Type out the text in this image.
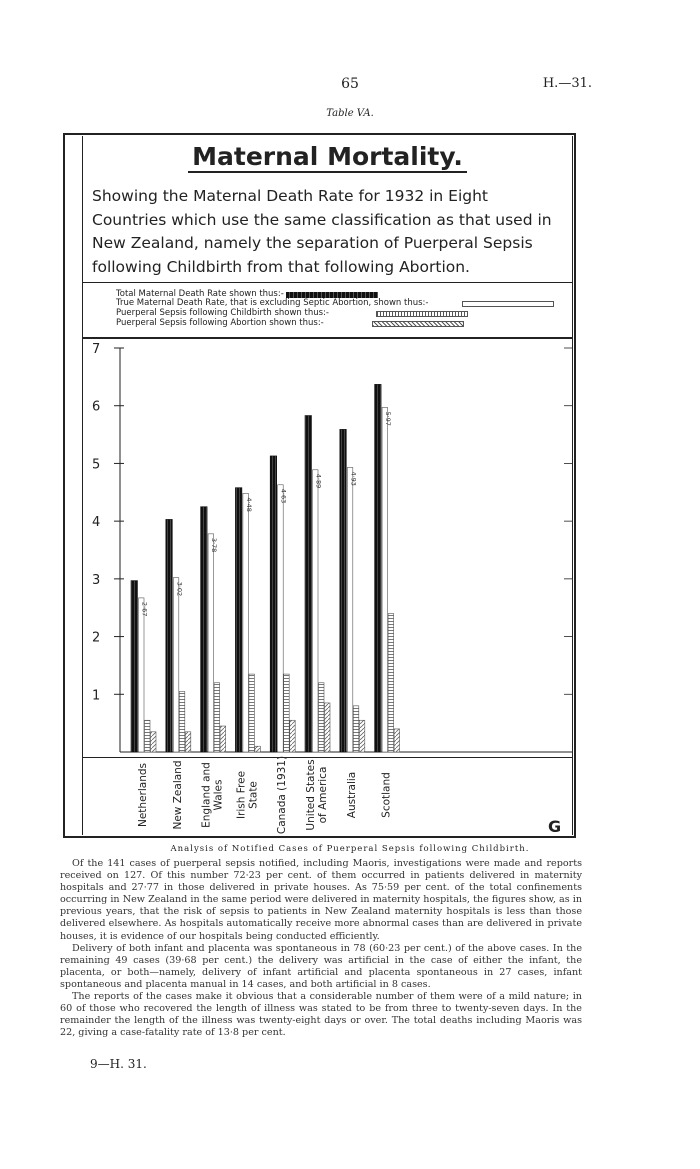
65	H.—31.
Table VA.
Maternal Mortality.
Showing the Maternal Death Rate for 1932 in Eight Countries which use the same classification as that used in New Zealand, namely the separation of Puerperal Sepsis following Childbirth from that following Abortion.
Total Maternal Death Rate shown thus:-
True Maternal Death Rate, that is excluding Septic Abortion, shown thus:-
Puerperal Sepsis following Childbirth shown thus:-
Puerperal Sepsis following Abortion shown thus:-
1
2
3
4
5
6
7
2·67
Netherlands
3·02
New Zealand
3·78
England and Wales
4·48
Irish Free State
4·63
Canada (1931)
4·89
United States of America
4·93
Australia
5·97
Scotland
G
Analysis of Notified Cases of Puerperal Sepsis following Childbirth.

Of the 141 cases of puerperal sepsis notified, including Maoris, investigations were made and reports received on 127. Of this number 72·23 per cent. of them occurred in patients delivered in maternity hospitals and 27·77 in those delivered in private houses. As 75·59 per cent. of the total confinements occurring in New Zealand in the same period were delivered in maternity hospitals, the figures show, as in previous years, that the risk of sepsis to patients in New Zealand maternity hospitals is less than those delivered elsewhere. As hospitals automatically receive more abnormal cases than are delivered in private houses, it is evidence of our hospitals being conducted efficiently.

Delivery of both infant and placenta was spontaneous in 78 (60·23 per cent.) of the above cases. In the remaining 49 cases (39·68 per cent.) the delivery was artificial in the case of either the infant, the placenta, or both—namely, delivery of infant artificial and placenta spontaneous in 27 cases, infant spontaneous and placenta manual in 14 cases, and both artificial in 8 cases.

The reports of the cases make it obvious that a considerable number of them were of a mild nature; in 60 of those who recovered the length of illness was stated to be from three to twenty-seven days. In the remainder the length of the illness was twenty-eight days or over. The total deaths including Maoris was 22, giving a case-fatality rate of 13·8 per cent.

9—H. 31.
